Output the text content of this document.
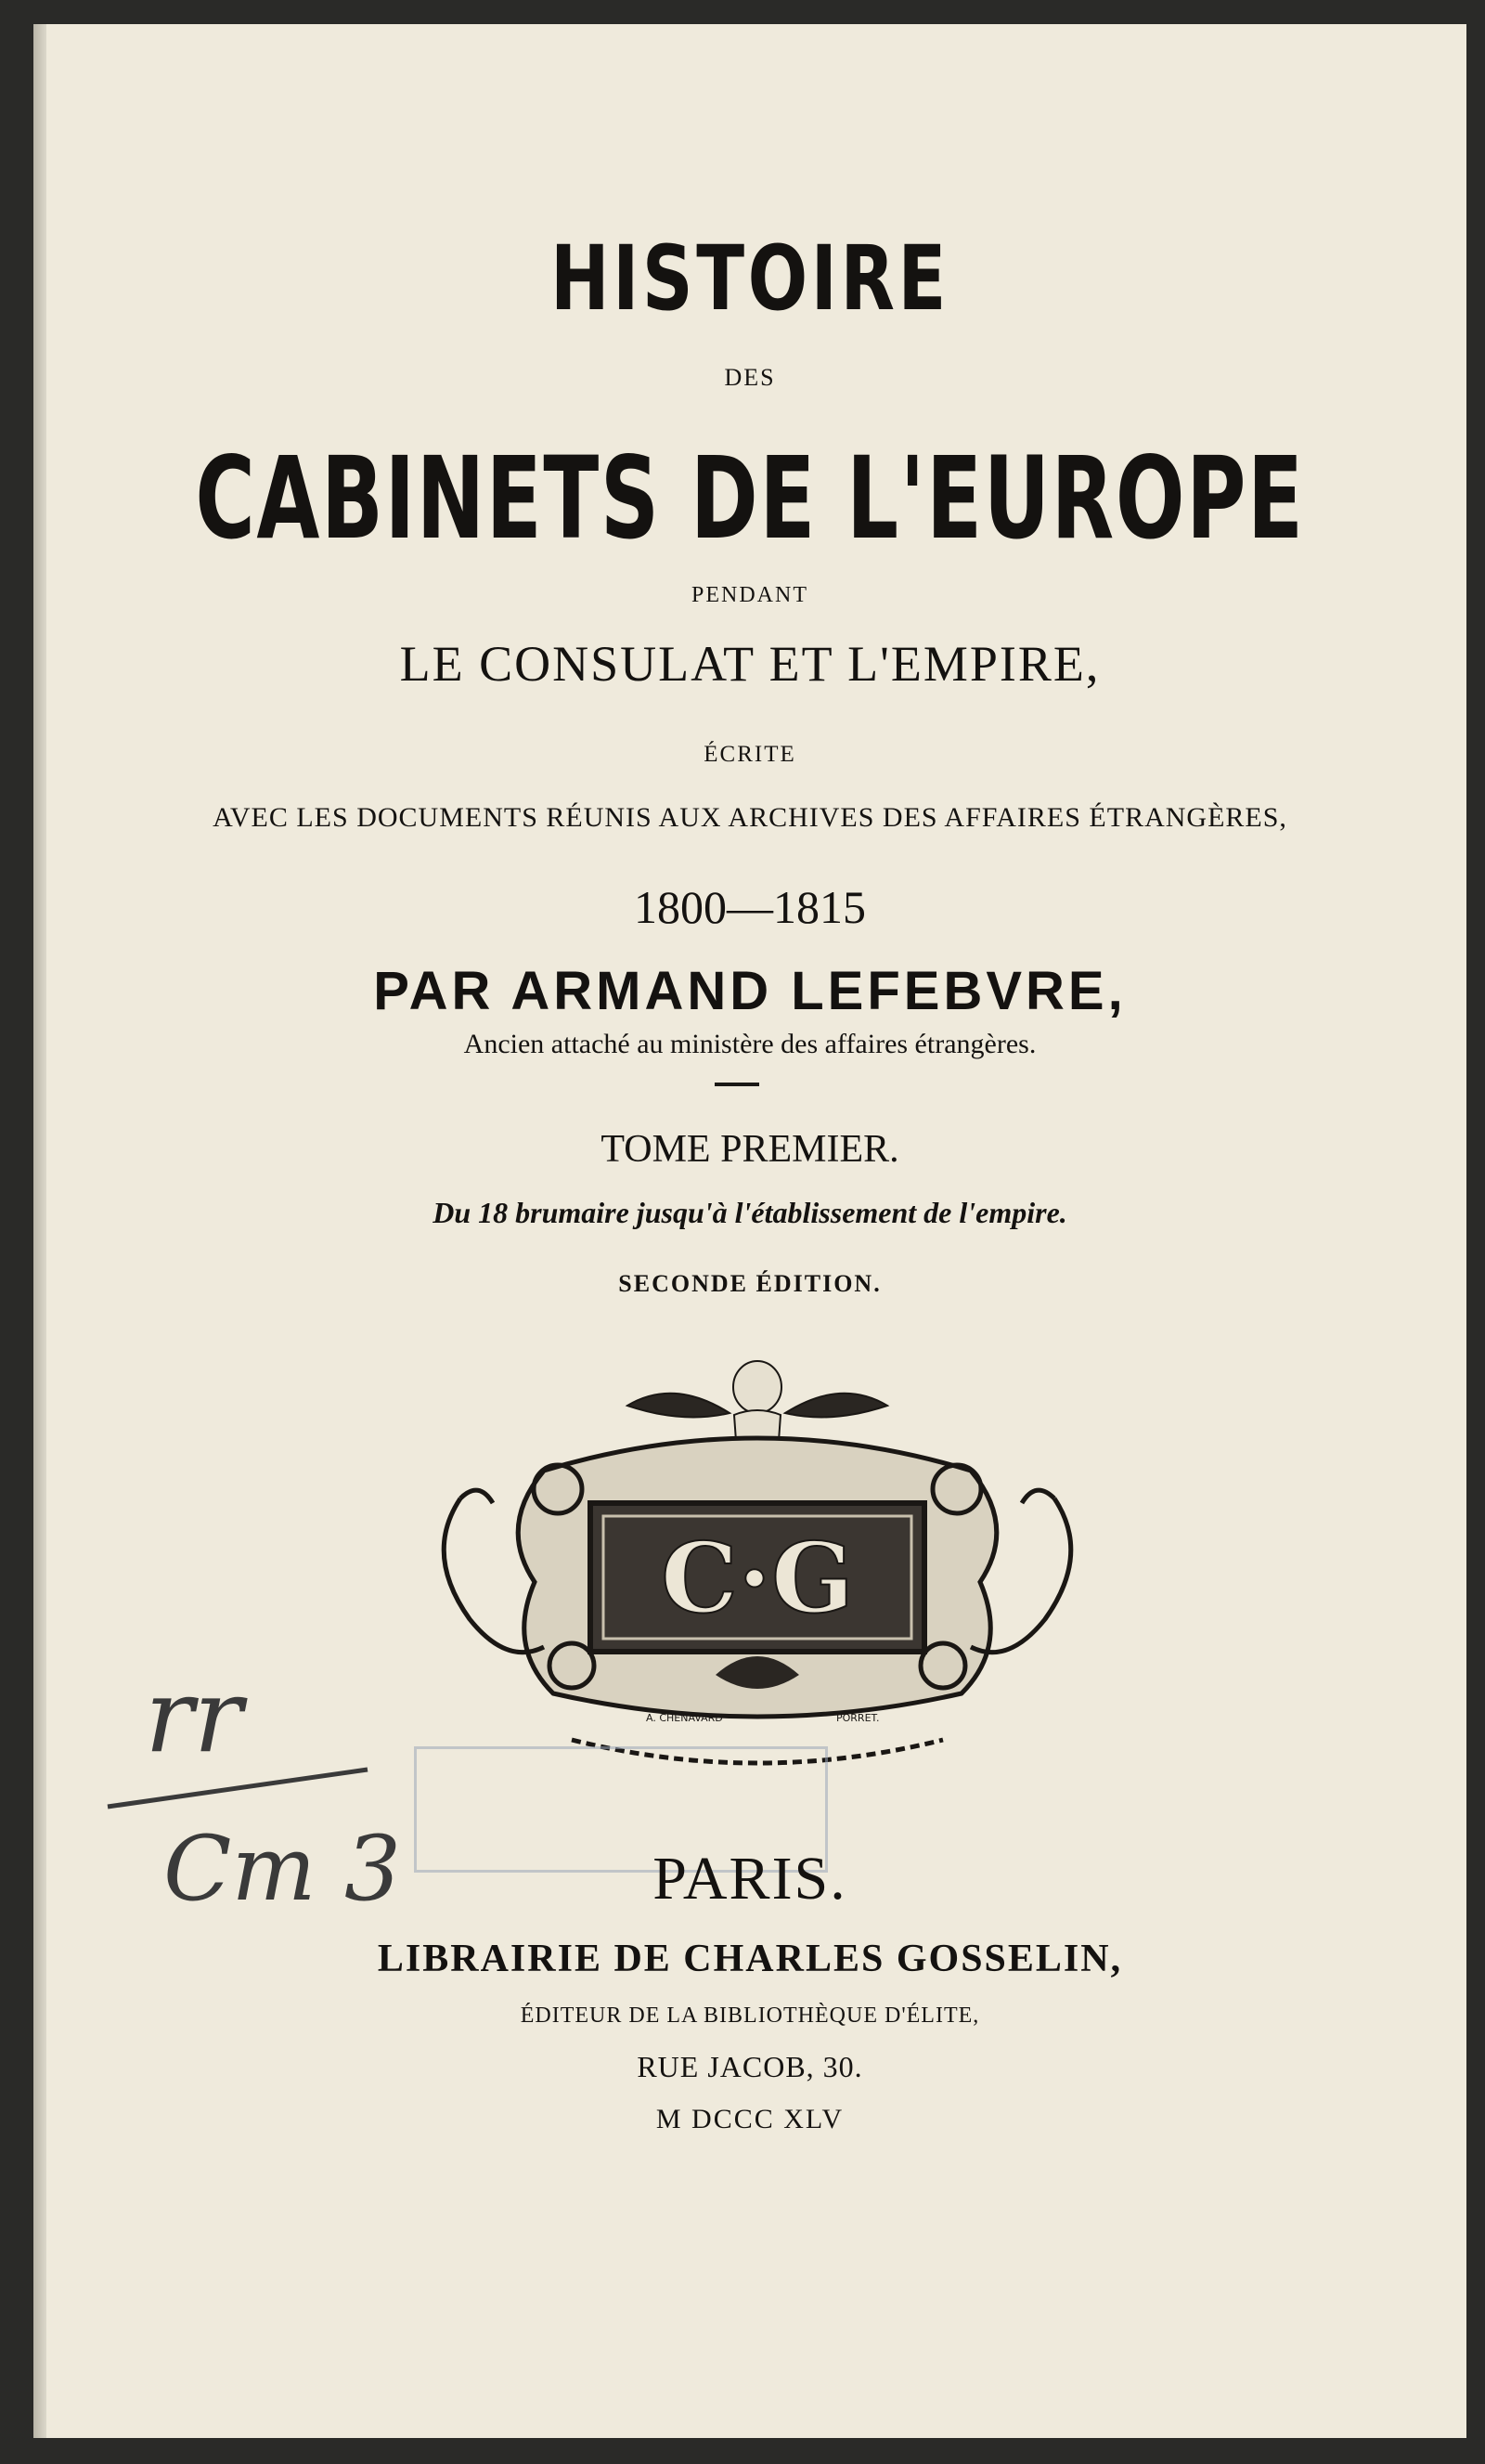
HISTOIRE
DES
CABINETS DE L'EUROPE
PENDANT
LE CONSULAT ET L'EMPIRE,
ÉCRITE
AVEC LES DOCUMENTS RÉUNIS AUX ARCHIVES DES AFFAIRES ÉTRANGÈRES,
1800—1815
PAR ARMAND LEFEBVRE,
Ancien attaché au ministère des affaires étrangères.
TOME PREMIER.
Du 18 brumaire jusqu'à l'établissement de l'empire.
SECONDE ÉDITION.
C·G
A. CHENAVARD	PORRET.
rr
Cm 3	PARIS.
LIBRAIRIE DE CHARLES GOSSELIN,
ÉDITEUR DE LA BIBLIOTHÈQUE D'ÉLITE,
RUE JACOB, 30.
M DCCC XLV
